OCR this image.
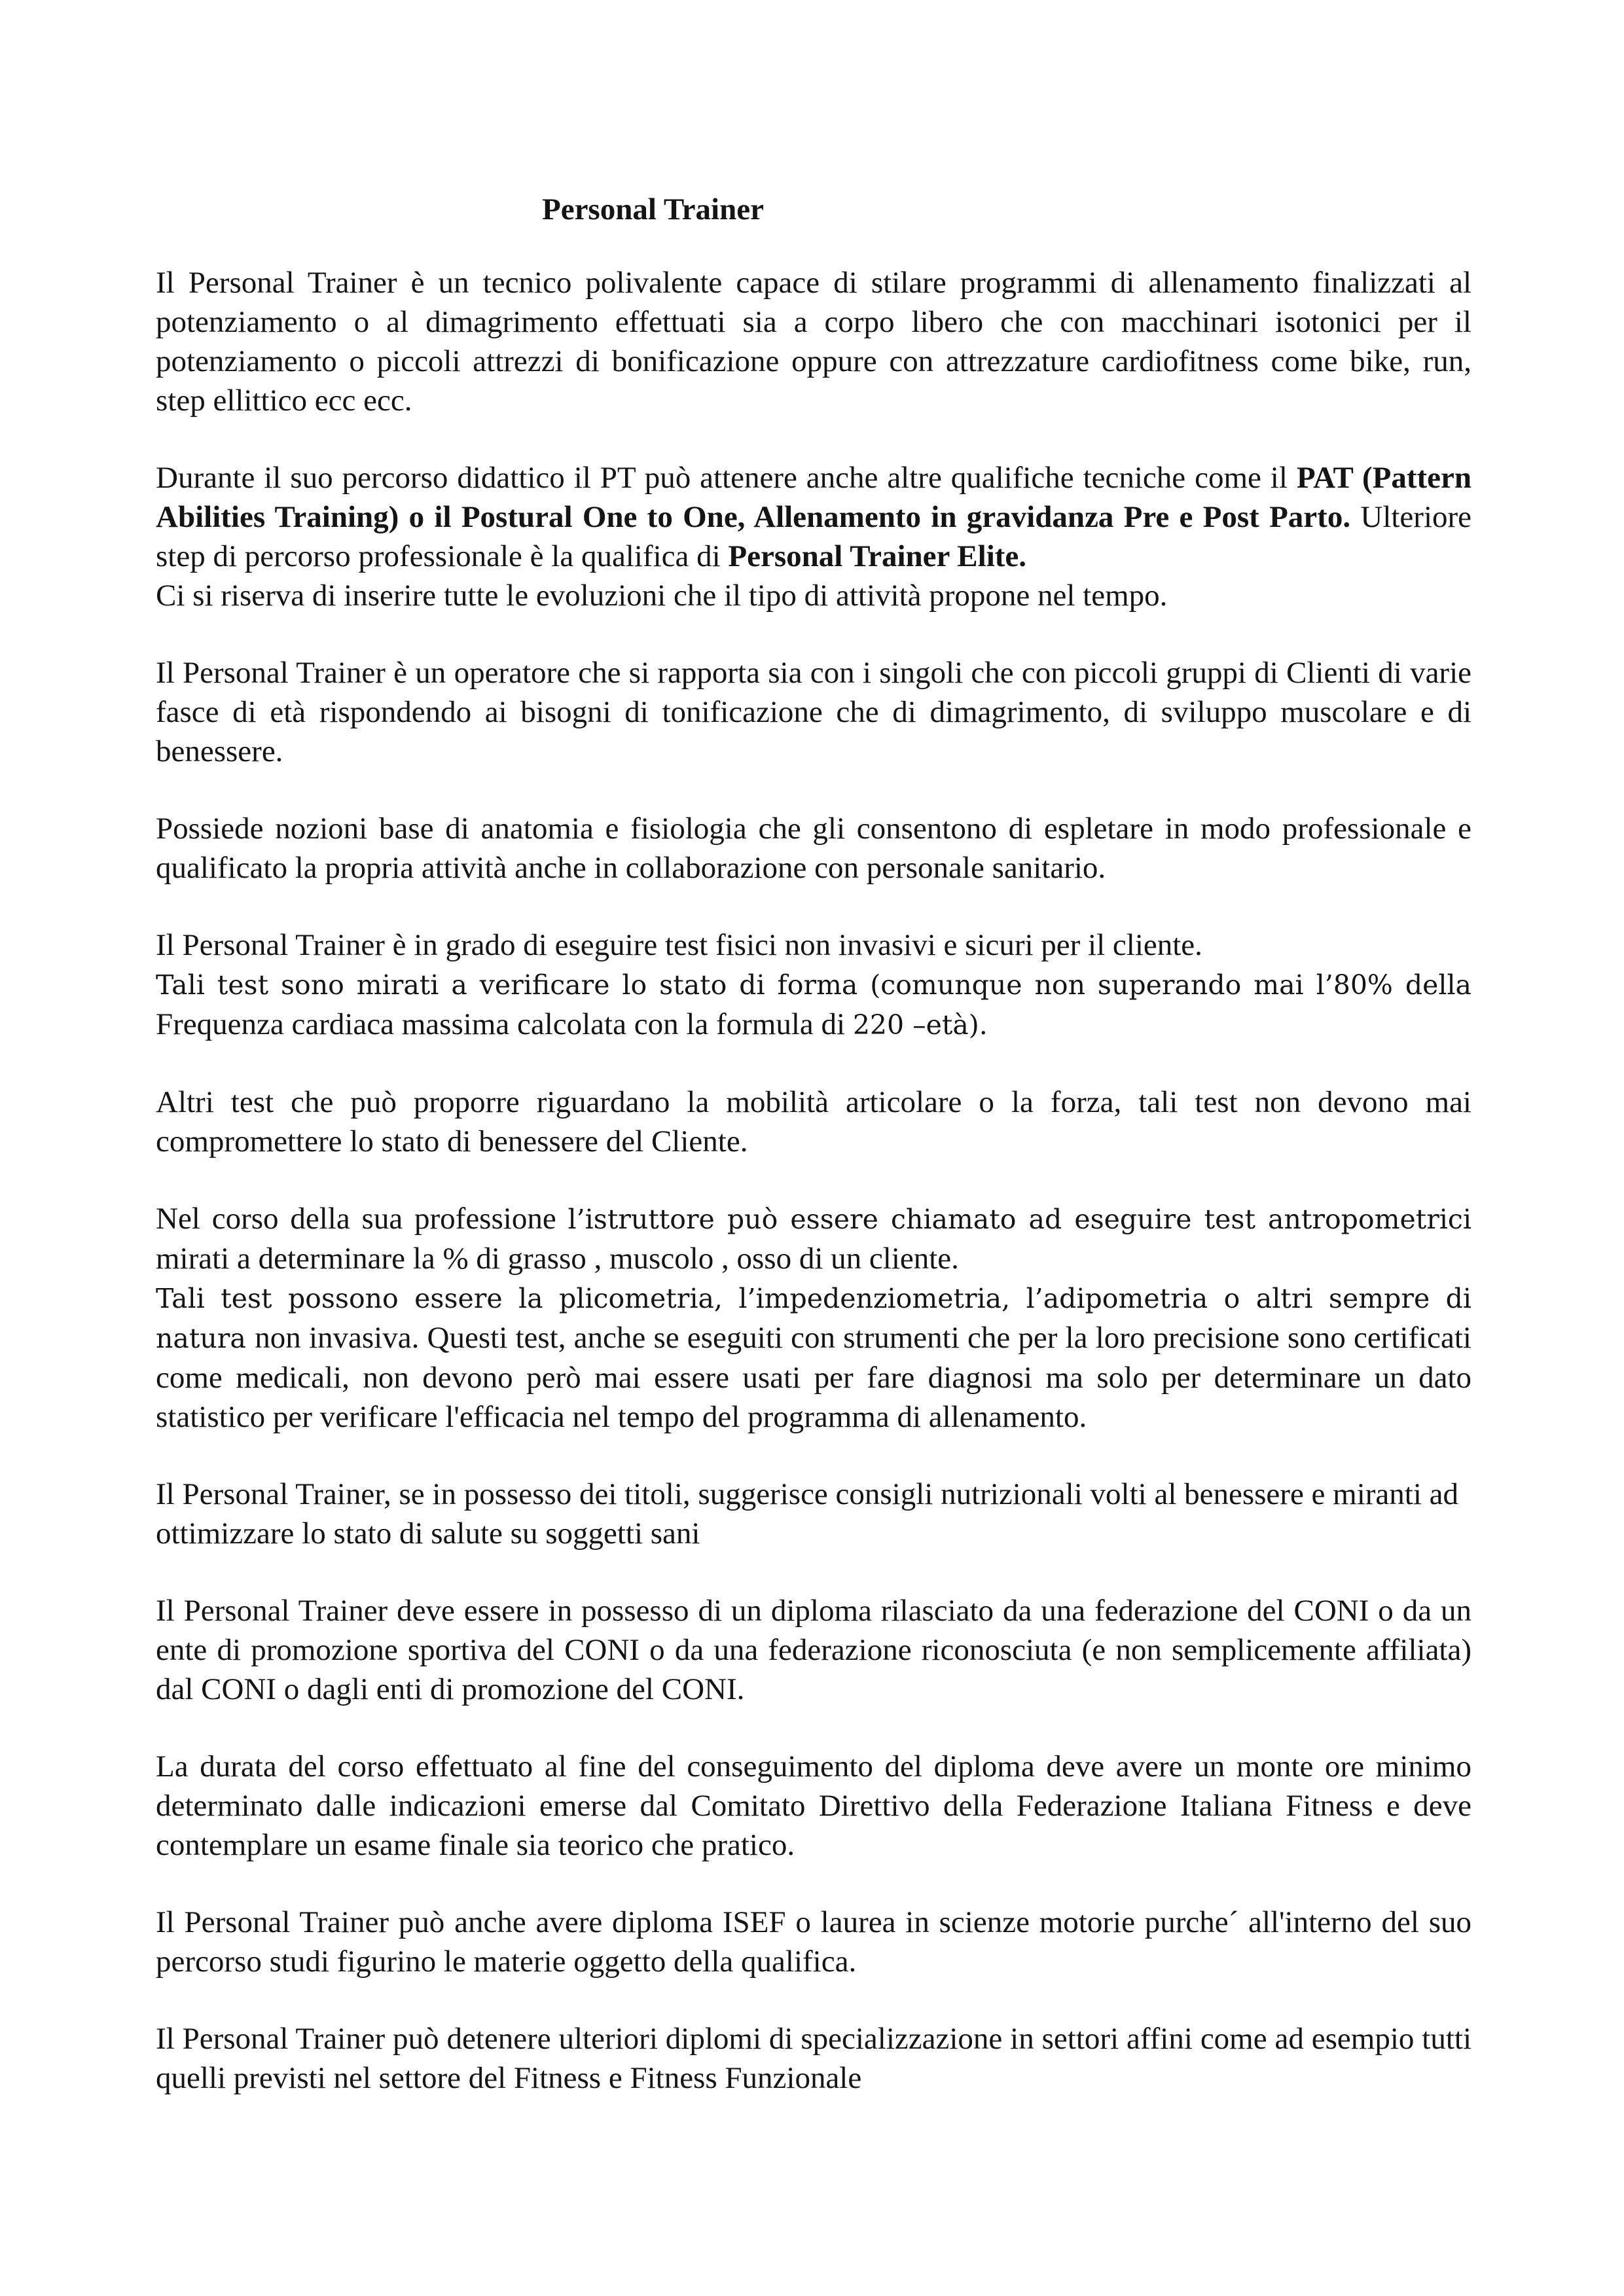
Personal Trainer

Il Personal Trainer è un tecnico polivalente capace di stilare programmi di allenamento finalizzati al potenziamento o al dimagrimento effettuati sia a corpo libero che con macchinari isotonici per il potenziamento o piccoli attrezzi di bonificazione oppure con attrezzature cardiofitness come bike, run, step ellittico ecc ecc.

Durante il suo percorso didattico il PT può attenere anche altre qualifiche tecniche come il PAT (Pattern Abilities Training) o il Postural One to One, Allenamento in gravidanza Pre e Post Parto. Ulteriore step di percorso professionale è la qualifica di Personal Trainer Elite.
Ci si riserva di inserire tutte le evoluzioni che il tipo di attività propone nel tempo.

Il Personal Trainer è un operatore che si rapporta sia con i singoli che con piccoli gruppi di Clienti di varie fasce di età rispondendo ai bisogni di tonificazione che di dimagrimento, di sviluppo muscolare e di benessere.

Possiede nozioni base di anatomia e fisiologia che gli consentono di espletare in modo professionale e qualificato la propria attività anche in collaborazione con personale sanitario.

Il Personal Trainer è in grado di eseguire test fisici non invasivi e sicuri per il cliente.
Tali test sono mirati a verificare lo stato di forma (comunque non superando mai l’80% della Frequenza cardiaca massima calcolata con la formula di 220 –età).

Altri test che può proporre riguardano la mobilità articolare o la forza, tali test non devono mai compromettere lo stato di benessere del Cliente.

Nel corso della sua professione l’istruttore può essere chiamato ad eseguire test antropometrici mirati a determinare la % di grasso , muscolo , osso di un cliente.
Tali test possono essere la plicometria, l’impedenziometria, l’adipometria o altri sempre di natura non invasiva. Questi test, anche se eseguiti con strumenti che per la loro precisione sono certificati come medicali, non devono però mai essere usati per fare diagnosi ma solo per determinare un dato statistico per verificare l'efficacia nel tempo del programma di allenamento.

Il Personal Trainer, se in possesso dei titoli, suggerisce consigli nutrizionali volti al benessere e miranti ad ottimizzare lo stato di salute su soggetti sani

Il Personal Trainer deve essere in possesso di un diploma rilasciato da una federazione del CONI o da un ente di promozione sportiva del CONI o da una federazione riconosciuta (e non semplicemente affiliata) dal CONI o dagli enti di promozione del CONI.

La durata del corso effettuato al fine del conseguimento del diploma deve avere un monte ore minimo determinato dalle indicazioni emerse dal Comitato Direttivo della Federazione Italiana Fitness e deve contemplare un esame finale sia teorico che pratico.

Il Personal Trainer può anche avere diploma ISEF o laurea in scienze motorie purche´ all'interno del suo percorso studi figurino le materie oggetto della qualifica.

Il Personal Trainer può detenere ulteriori diplomi di specializzazione in settori affini come ad esempio tutti quelli previsti nel settore del Fitness e Fitness Funzionale
